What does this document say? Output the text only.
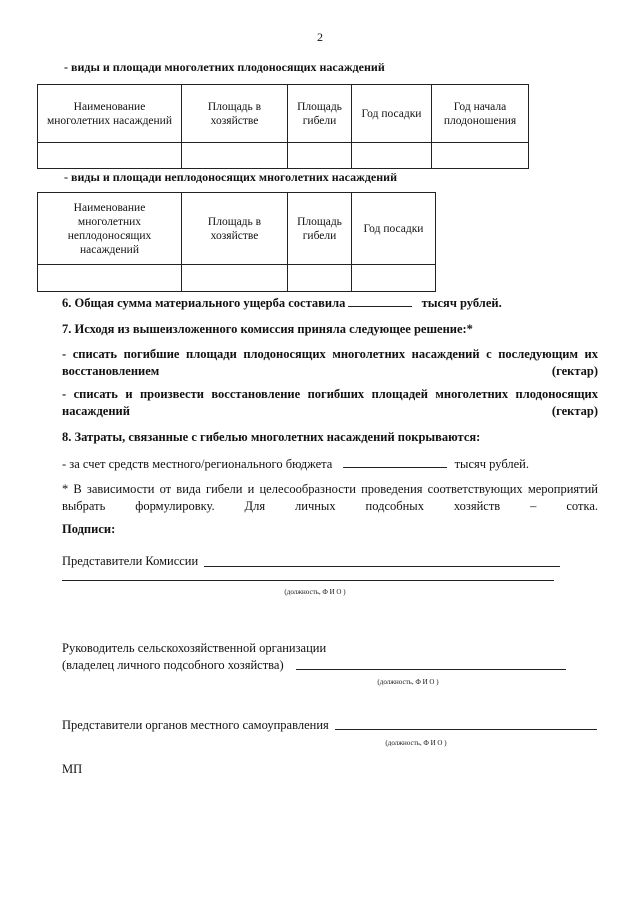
2
- виды и площади многолетних плодоносящих насаждений
Наименование многолетних насаждений	Площадь в хозяйстве	Площадь гибели	Год посадки	Год начала плодоношения

- виды и площади неплодоносящих многолетних насаждений
Наименование многолетних неплодоносящих насаждений	Площадь в хозяйстве	Площадь гибели	Год посадки

6. Общая сумма материального ущерба составила	тысяч рублей.
7. Исходя из вышеизложенного комиссия приняла следующее решение:*
- списать погибшие площади плодоносящих многолетних насаждений с последующим их восстановлением (гектар)
- списать и произвести восстановление погибших площадей многолетних плодоносящих насаждений (гектар)
8. Затраты, связанные с гибелью многолетних насаждений покрываются:
- за счет средств местного/регионального бюджета	тысяч рублей.
* В зависимости от вида гибели и целесообразности проведения соответствующих мероприятий выбрать формулировку. Для личных подсобных хозяйств – сотка.
Подписи:
Представители Комиссии
(должность, Ф И О )
Руководитель сельскохозяйственной организации
(владелец личного подсобного хозяйства)
(должность, Ф И О )
Представители органов местного самоуправления
(должность, Ф И О )
МП
